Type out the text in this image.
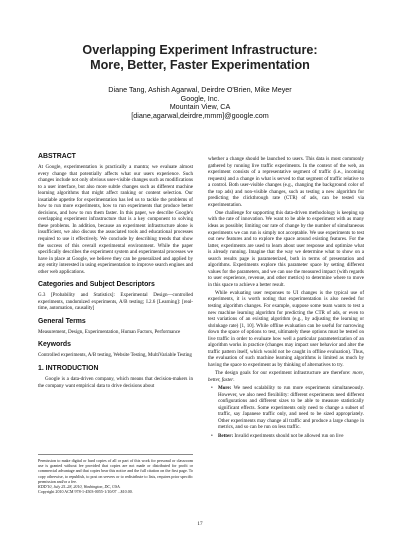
Overlapping Experiment Infrastructure:
More, Better, Faster Experimentation
Diane Tang, Ashish Agarwal, Deirdre O'Brien, Mike Meyer
Google, Inc.
Mountain View, CA
[diane,agarwal,deirdre,mmm]@google.com
ABSTRACT

At Google, experimentation is practically a mantra; we evaluate almost every change that potentially affects what our users experience. Such changes include not only obvious user-visible changes such as modifications to a user interface, but also more subtle changes such as different machine learning algorithms that might affect ranking or content selection. Our insatiable appetite for experimentation has led us to tackle the problems of how to run more experiments, how to run experiments that produce better decisions, and how to run them faster. In this paper, we describe Google's overlapping experiment infrastructure that is a key component to solving these problems. In addition, because an experiment infrastructure alone is insufficient, we also discuss the associated tools and educational processes required to use it effectively. We conclude by describing trends that show the success of this overall experimental environment. While the paper specifically describes the experiment system and experimental processes we have in place at Google, we believe they can be generalized and applied by any entity interested in using experimentation to improve search engines and other web applications.

Categories and Subject Descriptors

G.3 [Probability and Statistics]: Experimental Design—controlled experiments, randomized experiments, A/B testing; I.2.6 [Learning]: [real-time, automation, causality]

General Terms

Measurement, Design, Experimentation, Human Factors, Performance

Keywords

Controlled experiments, A/B testing, Website Testing, MultiVariable Testing

1. INTRODUCTION

Google is a data-driven company, which means that decision-makers in the company want empirical data to drive decisions about

Permission to make digital or hard copies of all or part of this work for personal or classroom use is granted without fee provided that copies are not made or distributed for profit or commercial advantage and that copies bear this notice and the full citation on the first page. To copy otherwise, to republish, to post on servers or to redistribute to lists, requires prior specific permission and/or a fee.

KDD'10, July 25–28, 2010, Washington, DC, USA.

Copyright 2010 ACM 978-1-4503-0055-1/10/07 ...$10.00.

whether a change should be launched to users. This data is most commonly gathered by running live traffic experiments. In the context of the web, an experiment consists of a representative segment of traffic (i.e., incoming requests) and a change in what is served to that segment of traffic relative to a control. Both user-visible changes (e.g., changing the background color of the top ads) and non-visible changes, such as testing a new algorithm for predicting the clickthrough rate (CTR) of ads, can be tested via experimentation.

One challenge for supporting this data-driven methodology is keeping up with the rate of innovation. We want to be able to experiment with as many ideas as possible; limiting our rate of change by the number of simultaneous experiments we can run is simply not acceptable. We use experiments to test out new features and to explore the space around existing features. For the latter, experiments are used to learn about user response and optimize what is already running. Imagine that the way we determine what to show on a search results page is parameterized, both in terms of presentation and algorithms. Experiments explore this parameter space by setting different values for the parameters, and we can use the measured impact (with regards to user experience, revenue, and other metrics) to determine where to move in this space to achieve a better result.

While evaluating user responses to UI changes is the typical use of experiments, it is worth noting that experimentation is also needed for testing algorithm changes. For example, suppose some team wants to test a new machine learning algorithm for predicting the CTR of ads, or even to test variations of an existing algorithm (e.g., by adjusting the learning or shrinkage rate) [1, 10]. While offline evaluation can be useful for narrowing down the space of options to test, ultimately these options must be tested on live traffic in order to evaluate how well a particular parameterization of an algorithm works in practice (changes may impact user behavior and alter the traffic pattern itself, which would not be caught in offline evaluation). Thus, the evaluation of such machine learning algorithms is limited as much by having the space to experiment as by thinking of alternatives to try.

The design goals for our experiment infrastructure are therefore: more, better, faster.

• More: We need scalability to run more experiments simultaneously. However, we also need flexibility: different experiments need different configurations and different sizes to be able to measure statistically significant effects. Some experiments only need to change a subset of traffic, say Japanese traffic only, and need to be sized appropriately. Other experiments may change all traffic and produce a large change in metrics, and so can be run on less traffic.
• Better: Invalid experiments should not be allowed run on live
17
